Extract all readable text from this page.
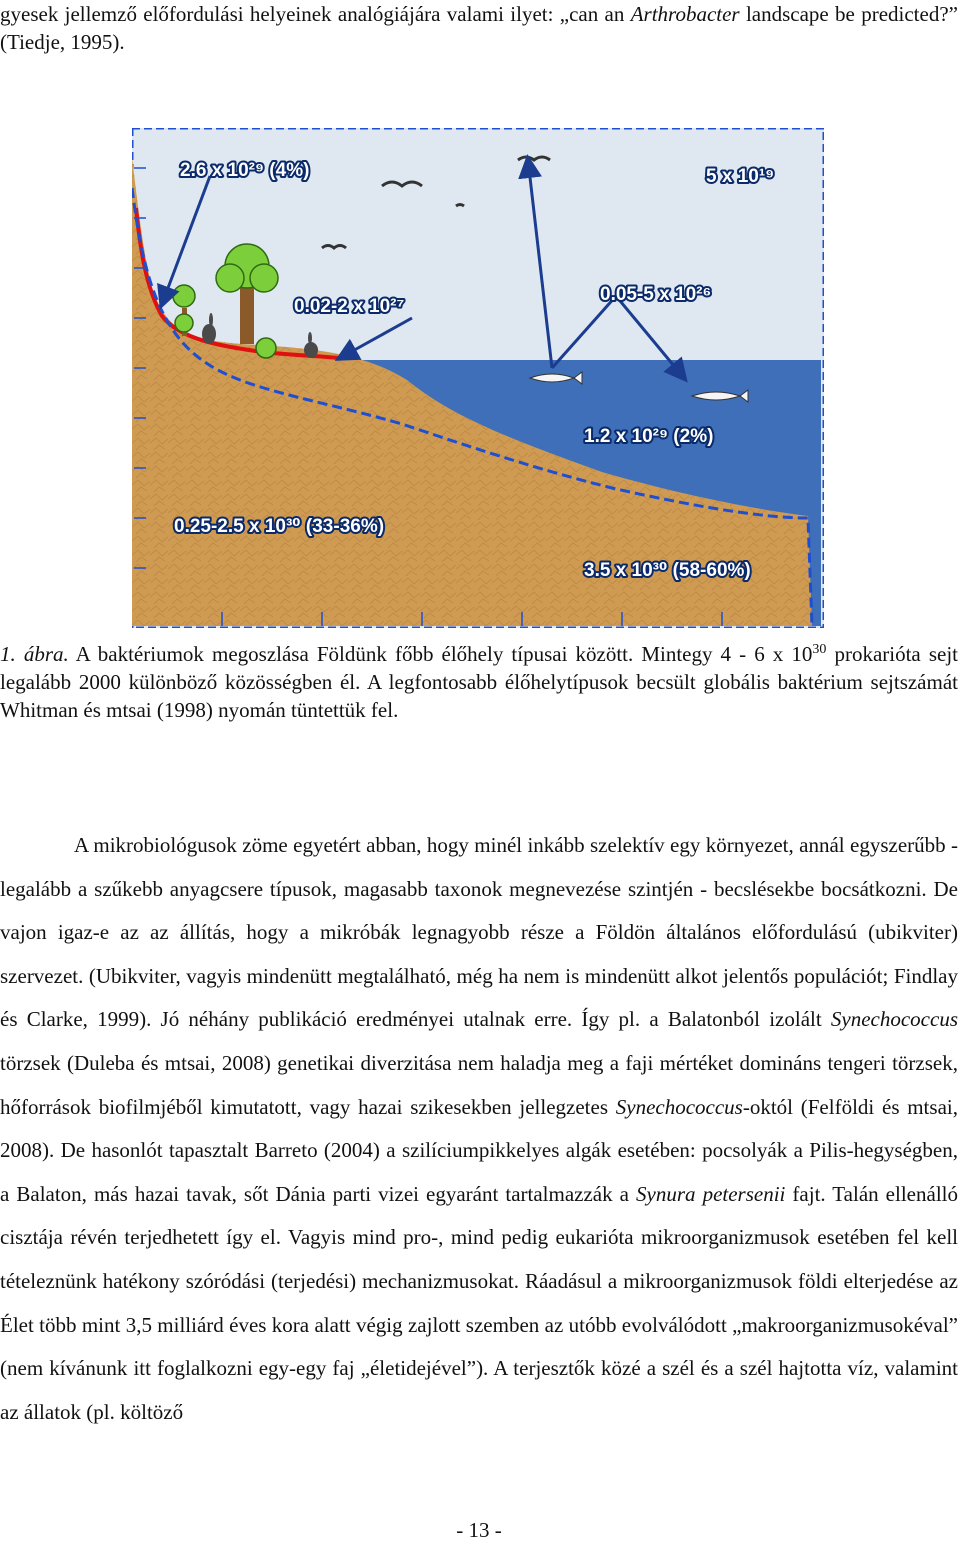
gyesek jellemző előfordulási helyeinek analógiájára valami ilyet: „can an Arthrobacter landscape be predicted?” (Tiedje, 1995).

2.6 x 10²⁹ (4%)
0.02-2 x 10²⁷
5 x 10¹⁹
0.05-5 x 10²⁶
1.2 x 10²⁹ (2%)
0.25-2.5 x 10³⁰ (33-36%)
3.5 x 10³⁰ (58-60%)

1. ábra. A baktériumok megoszlása Földünk főbb élőhely típusai között. Mintegy 4 - 6 x $10^{30}$ prokarióta sejt legalább 2000 különböző közösségben él. A legfontosabb élőhelytípusok becsült globális baktérium sejtszámát Whitman és mtsai (1998) nyomán tüntettük fel.

A mikrobiológusok zöme egyetért abban, hogy minél inkább szelektív egy környezet, annál egyszerűbb - legalább a szűkebb anyagcsere típusok, magasabb taxonok megnevezése szintjén - becslésekbe bocsátkozni. De vajon igaz-e az az állítás, hogy a mikróbák legnagyobb része a Földön általános előfordulású (ubikviter) szervezet. (Ubikviter, vagyis mindenütt megtalálható, még ha nem is mindenütt alkot jelentős populációt; Findlay és Clarke, 1999). Jó néhány publikáció eredményei utalnak erre. Így pl. a Balatonból izolált Synechococcus törzsek (Duleba és mtsai, 2008) genetikai diverzitása nem haladja meg a faji mértéket domináns tengeri törzsek, hőforrások biofilmjéből kimutatott, vagy hazai szikesekben jellegzetes Synechococcus-októl (Felföldi és mtsai, 2008). De hasonlót tapasztalt Barreto (2004) a szilíciumpikkelyes algák esetében: pocsolyák a Pilis-hegységben, a Balaton, más hazai tavak, sőt Dánia parti vizei egyaránt tartalmazzák a Synura petersenii fajt. Talán ellenálló cisztája révén terjedhetett így el. Vagyis mind pro-, mind pedig eukarióta mikroorganizmusok esetében fel kell tételeznünk hatékony szóródási (terjedési) mechanizmusokat. Ráadásul a mikroorganizmusok földi elterjedése az Élet több mint 3,5 milliárd éves kora alatt végig zajlott szemben az utóbb evolválódott „makroorganizmusokéval” (nem kívánunk itt foglalkozni egy-egy faj „életidejével”). A terjesztők közé a szél és a szél hajtotta víz, valamint az állatok (pl. költöző

- 13 -
